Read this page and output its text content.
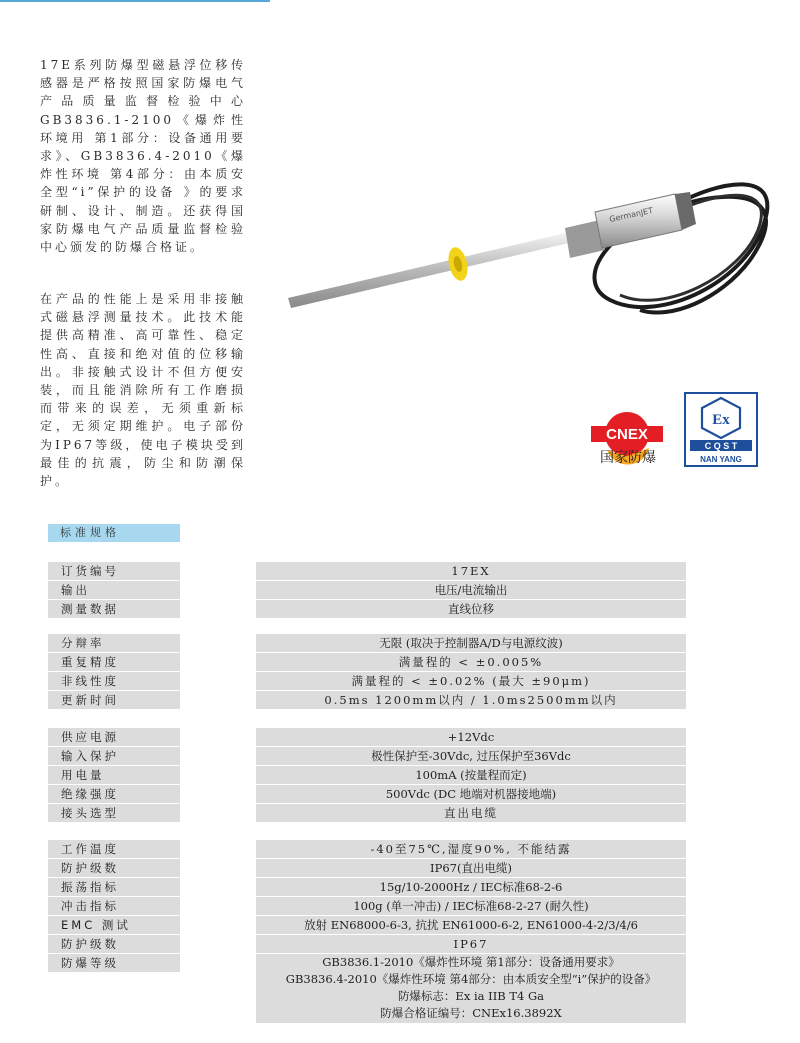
17E系列防爆型磁悬浮位移传感器是严格按照国家防爆电气产品质量监督检验中心GB3836.1-2100《爆炸性环境用 第1部分：设备通用要求》、GB3836.4-2010《爆炸性环境 第4部分：由本质安全型“i”保护的设备 》的要求研制、设计、制造。还获得国家防爆电气产品质量监督检验中心颁发的防爆合格证。

在产品的性能上是采用非接触式磁悬浮测量技术。此技术能提供高精准、高可靠性、稳定性高、直接和绝对值的位移输出。非接触式设计不但方便安装，而且能消除所有工作磨损而带来的误差，无须重新标定，无须定期维护。电子部份为IP67等级，使电子模块受到最佳的抗震，防尘和防潮保护。

GermanJET
CNEX
国家防爆
Ex
C Q S T
NAN YANG
标准规格
订货编号	17EX
输出	电压/电流输出
测量数据	直线位移
分辩率	无限 (取决于控制器A/D与电源纹波)
重复精度	满量程的 < ±0.005%
非线性度	满量程的 < ±0.02% (最大 ±90μm)
更新时间	0.5ms 1200mm以内 / 1.0ms2500mm以内
供应电源	+12Vdc
输入保护	极性保护至-30Vdc, 过压保护至36Vdc
用电量	100mA (按量程而定)
绝缘强度	500Vdc (DC 地端对机器接地端)
接头选型	直出电缆
工作温度	-40至75℃,湿度90%, 不能结露
防护级数	IP67(直出电缆)
振荡指标	15g/10-2000Hz / IEC标准68-2-6
冲击指标	100g (单一冲击) / IEC标准68-2-27 (耐久性)
EMC 测试	放射 EN68000-6-3, 抗扰 EN61000-6-2, EN61000-4-2/3/4/6
防护级数	IP67
防爆等级	GB3836.1-2010《爆炸性环境 第1部分：设备通用要求》
GB3836.4-2010《爆炸性环境 第4部分：由本质安全型“i”保护的设备》
防爆标志：Ex ia IIB T4 Ga
防爆合格证编号：CNEx16.3892X
